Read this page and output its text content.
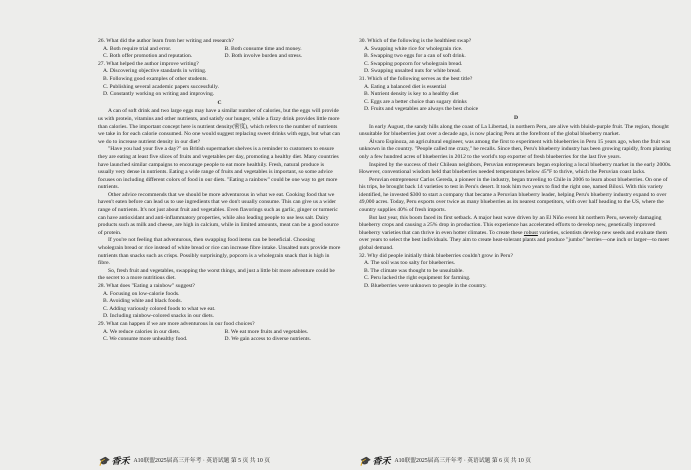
26. What did the author learn from her writing and research?

A. Both require trial and error.	B. Both consume time and money.
C. Both offer promotion and reputation.	D. Both involve burden and stress.

27. What helped the author improve writing?

A. Discovering objective standards in writing.

B. Following good examples of other students.

C. Publishing several academic papers successfully.

D. Constantly working on writing and improving.

C

A can of soft drink and two large eggs may have a similar number of calories, but the eggs will provide us with protein, vitamins and other nutrients, and satisfy our hunger, while a fizzy drink provides little more than calories. The important concept here is nutrient density(密度), which refers to the number of nutrients we take in for each calorie consumed. No one would suggest replacing sweet drinks with eggs, but what can we do to increase nutrient density in our diet?

"Have you had your five a day?" on British supermarket shelves is a reminder to customers to ensure they are eating at least five slices of fruits and vegetables per day, promoting a healthy diet. Many countries have launched similar campaigns to encourage people to eat more healthily. Fresh, natural produce is usually very dense in nutrients. Eating a wide range of fruits and vegetables is important, so some advice focuses on including different colors of food in our diets. "Eating a rainbow" could be one way to get more nutrients.

Other advice recommends that we should be more adventurous in what we eat. Cooking food that we haven't eaten before can lead us to use ingredients that we don't usually consume. This can give us a wider range of nutrients. It's not just about fruit and vegetables. Even flavorings such as garlic, ginger or turmeric can have antioxidant and anti-inflammatory properties, while also leading people to use less salt. Dairy products such as milk and cheese, are high in calcium, while in limited amounts, meat can be a good source of protein.

If you're not feeling that adventurous, then swapping food items can be beneficial. Choosing wholegrain bread or rice instead of white bread or rice can increase fibre intake. Unsalted nuts provide more nutrients than snacks such as crisps. Possibly surprisingly, popcorn is a wholegrain snack that is high in fibre.

So, fresh fruit and vegetables, swapping the worst things, and just a little bit more adventure could be the secret to a more nutritious diet.

28. What does "Eating a rainbow" suggest?

A. Focusing on low-calorie foods.

B. Avoiding white and black foods.

C. Adding variously colored foods to what we eat.

D. Including rainbow-colored snacks in our diets.

29. What can happen if we are more adventurous in our food choices?

A. We reduce calories in our diets.	B. We eat more fruits and vegetables.
C. We consume more unhealthy food.	D. We gain access to diverse nutrients.
🎓 香禾 A10联盟2025届高三开年考 · 英语试题 第 5 页 共 10 页

30. Which of the following is the healthiest swap?

A. Swapping white rice for wholegrain rice.

B. Swapping two eggs for a can of soft drink.

C. Swapping popcorn for wholegrain bread.

D. Swapping unsalted nuts for white bread.

31. Which of the following serves as the best title?

A. Eating a balanced diet is essential

B. Nutrient density is key to a healthy diet

C. Eggs are a better choice than sugary drinks

D. Fruits and vegetables are always the best choice

D

In early August, the sandy hills along the coast of La Libertad, in northern Peru, are alive with bluish-purple fruit. The region, thought unsuitable for blueberries just over a decade ago, is now placing Peru at the forefront of the global blueberry market.

Álvaro Espinoza, an agricultural engineer, was among the first to experiment with blueberries in Peru 15 years ago, when the fruit was unknown in the country. "People called me crazy," he recalls. Since then, Peru's blueberry industry has been growing rapidly, from planting only a few hundred acres of blueberries in 2012 to the world's top exporter of fresh blueberries for the last five years.

Inspired by the success of their Chilean neighbors, Peruvian entrepreneurs began exploring a local blueberry market in the early 2000s. However, conventional wisdom held that blueberries needed temperatures below 45°F to thrive, which the Peruvian coast lacks.

Peruvian entrepreneur Carlos Gereda, a pioneer in the industry, began traveling to Chile in 2006 to learn about blueberries. On one of his trips, he brought back 14 varieties to test in Peru's desert. It took him two years to find the right one, named Biloxi. With this variety identified, he invested $300 to start a company that became a Peruvian blueberry leader, helping Peru's blueberry industry expand to over 49,000 acres. Today, Peru exports over twice as many blueberries as its nearest competitors, with over half heading to the US, where the country supplies 40% of fresh imports.

But last year, this boom faced its first setback. A major heat wave driven by an El Niño event hit northern Peru, severely damaging blueberry crops and causing a 25% drop in production. This experience has accelerated efforts to develop new, genetically improved blueberry varieties that can thrive in even hotter climates. To create these robust varieties, scientists develop new seeds and evaluate them over years to select the best individuals. They aim to create heat-tolerant plants and produce "jumbo" berries—one inch or larger—to meet global demand.

32. Why did people initially think blueberries couldn't grow in Peru?

A. The soil was too salty for blueberries.

B. The climate was thought to be unsuitable.

C. Peru lacked the right equipment for farming.

D. Blueberries were unknown to people in the country.

🎓 香禾 A10联盟2025届高三开年考 · 英语试题 第 6 页 共 10 页
